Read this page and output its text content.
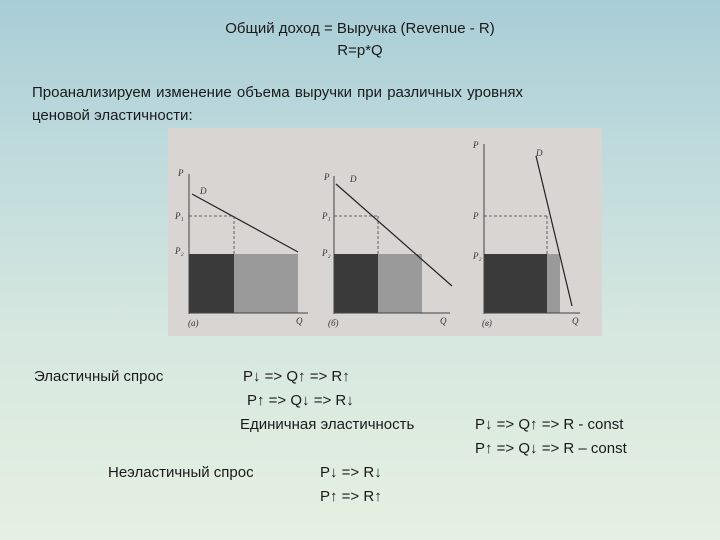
Общий доход = Выручка (Revenue - R)
R=p*Q
Проанализируем изменение объема выручки при различных уровнях
ценовой эластичности:
P
D
P₁
P₂
Q
(a)
P D
P₁
P₂
Q
(б)
P
D
P
P₂
Q
(в)
Эластичный спрос	P↓ => Q↑ => R↑
P↑ => Q↓ => R↓
Единичная эластичность	P↓ => Q↑ => R - const
P↑ => Q↓ => R – const
Неэластичный спрос	P↓ => R↓
P↑ => R↑
